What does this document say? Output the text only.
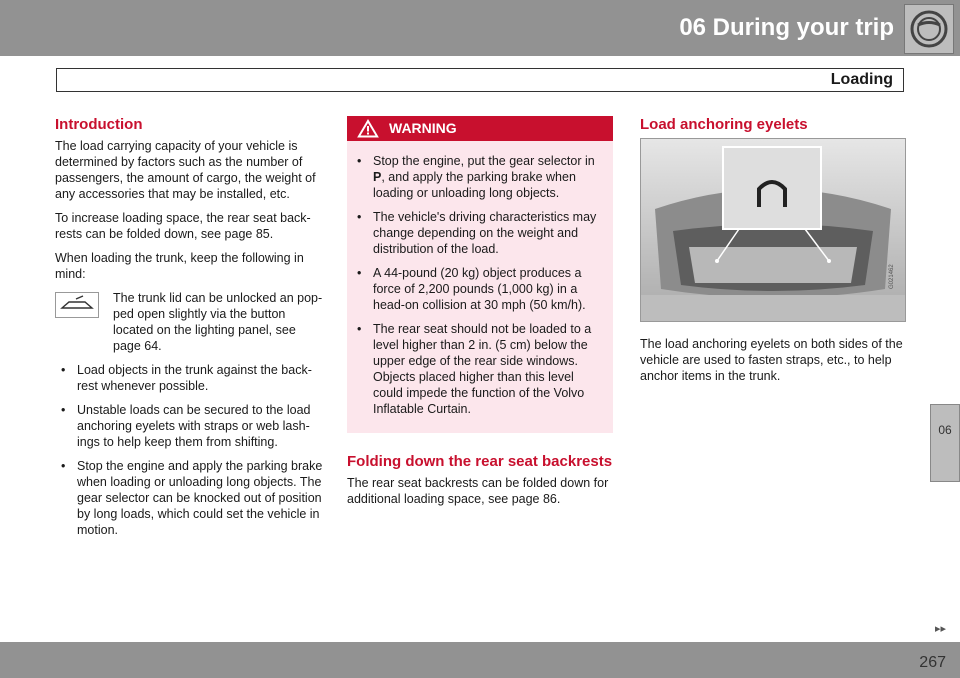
06 During your trip
Loading
Introduction

The load carrying capacity of your vehicle is determined by factors such as the number of passengers, the amount of cargo, the weight of any accessories that may be installed, etc.

To increase loading space, the rear seat back-rests can be folded down, see page 85.

When loading the trunk, keep the following in mind:

The trunk lid can be unlocked an pop-ped open slightly via the button located on the lighting panel, see page 64.
• Load objects in the trunk against the back-rest whenever possible.
• Unstable loads can be secured to the load anchoring eyelets with straps or web lash-ings to help keep them from shifting.
• Stop the engine and apply the parking brake when loading or unloading long objects. The gear selector can be knocked out of position by long loads, which could set the vehicle in motion.
WARNING
• Stop the engine, put the gear selector in P, and apply the parking brake when loading or unloading long objects.
• The vehicle's driving characteristics may change depending on the weight and distribution of the load.
• A 44-pound (20 kg) object produces a force of 2,200 pounds (1,000 kg) in a head-on collision at 30 mph (50 km/h).
• The rear seat should not be loaded to a level higher than 2 in. (5 cm) below the upper edge of the rear side windows. Objects placed higher than this level could impede the function of the Volvo Inflatable Curtain.
Folding down the rear seat backrests

The rear seat backrests can be folded down for additional loading space, see page 86.

Load anchoring eyelets
G021462

The load anchoring eyelets on both sides of the vehicle are used to fasten straps, etc., to help anchor items in the trunk.

06
▸▸
267
